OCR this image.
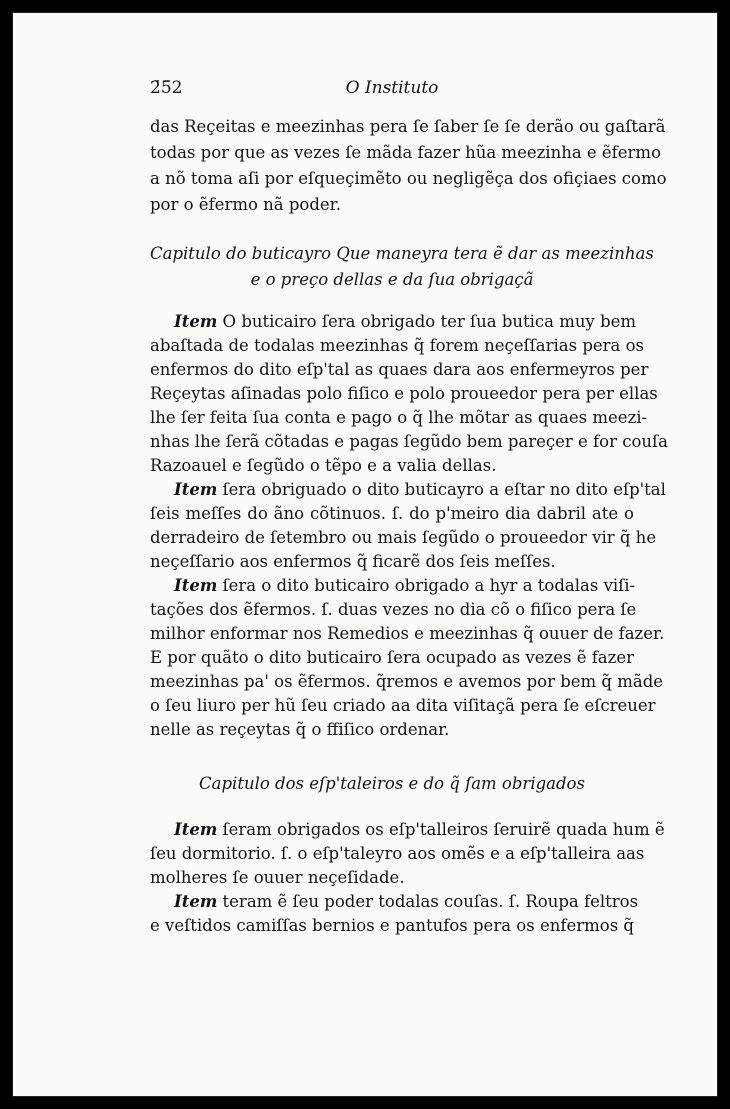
2̄5̄2	O Instituto
das Reçeitas e meezinhas pera ſe ſaber ſe ſe derão ou gaſtarã
todas por que as vezes ſe mãda fazer hũa meezinha e ẽfermo
a nõ toma aſi por eſqueçimẽto ou negligẽça dos ofiçiaes como
por o ẽfermo nã poder.
Capitulo do buticayro Que maneyra tera ẽ dar as meezinhas
e o preço dellas e da ſua obrigaçã
Item O buticairo ſera obrigado ter ſua butica muy bem
abaſtada de todalas meezinhas q̃ forem neçeſſarias pera os
enfermos do dito eſp'tal as quaes dara aos enfermeyros per
Reçeytas aſinadas polo fiſico e polo proueedor pera per ellas
lhe ſer feita ſua conta e pago o q̃ lhe mõtar as quaes meezi-
nhas lhe ſerã cõtadas e pagas ſegũdo bem pareçer e for couſa
Razoauel e ſegũdo o tẽpo e a valia dellas.
Item ſera obriguado o dito buticayro a eſtar no dito eſp'tal
ſeis meſſes do ãno cõtinuos. ſ. do p'meiro dia dabril ate o
derradeiro de ſetembro ou mais ſegũdo o proueedor vir q̃ he
neçeſſario aos enfermos q̃ ficarẽ dos ſeis meſſes.
Item ſera o dito buticairo obrigado a hyr a todalas viſi-
tações dos ẽfermos. ſ. duas vezes no dia cõ o fiſico pera ſe
milhor enformar nos Remedios e meezinhas q̃ ouuer de fazer.
E por quãto o dito buticairo ſera ocupado as vezes ẽ fazer
meezinhas pa' os ẽfermos. q̃remos e avemos por bem q̃ mãde
o ſeu liuro per hũ ſeu criado aa dita viſitaçã pera ſe eſcreuer
nelle as reçeytas q̃ o ffiſico ordenar.
Capitulo dos eſp'taleiros e do q̃ ſam obrigados
Item ſeram obrigados os eſp'talleiros ſeruirẽ quada hum ẽ
ſeu dormitorio. ſ. o eſp'taleyro aos omẽs e a eſp'talleira aas
molheres ſe ouuer neçeſidade.
Item teram ẽ ſeu poder todalas couſas. ſ. Roupa feltros
e veſtidos camiſſas bernios e pantufos pera os enfermos q̃
